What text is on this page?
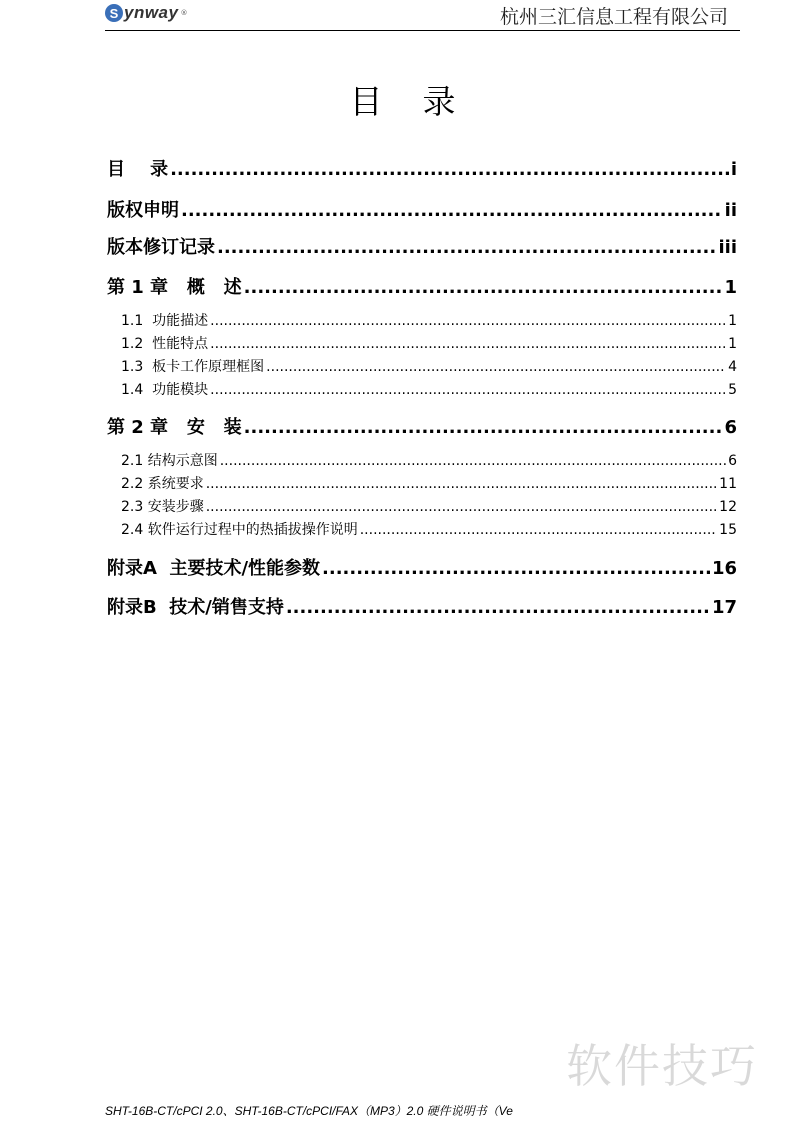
S ynway ®	杭州三汇信息工程有限公司
目录
目    录 .....	i
版权申明 .....	ii
版本修订记录 .....	iii
第 1 章   概   述 .....	1
1.1  功能描述 .....	1
1.2  性能特点 .....	1
1.3  板卡工作原理框图 .....	4
1.4  功能模块 .....	5
第 2 章   安   装 .....	6
2.1 结构示意图 .....	6
2.2 系统要求 .....	11
2.3 安装步骤 .....	12
2.4 软件运行过程中的热插拔操作说明 .....	15
附录A  主要技术/性能参数 .....	16
附录B  技术/销售支持 .....	17
软件技巧
SHT-16B-CT/cPCI 2.0、SHT-16B-CT/cPCI/FAX（MP3）2.0 硬件说明书（Ve
